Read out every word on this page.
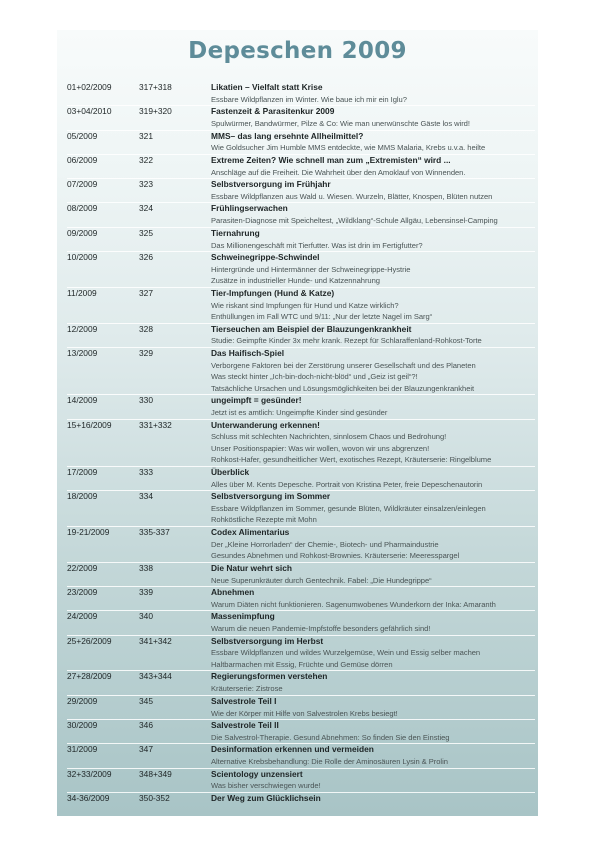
Depeschen 2009
01+02/2009	317+318	Likatien – Vielfalt statt Krise
Essbare Wildpflanzen im Winter. Wie baue ich mir ein Iglu?
03+04/2010	319+320	Fastenzeit & Parasitenkur 2009
Spulwürmer, Bandwürmer, Pilze & Co: Wie man unerwünschte Gäste los wird!
05/2009	321	MMS– das lang ersehnte Allheilmittel?
Wie Goldsucher Jim Humble MMS entdeckte, wie MMS Malaria, Krebs u.v.a. heilte
06/2009	322	Extreme Zeiten? Wie schnell man zum „Extremisten“ wird ...
Anschläge auf die Freiheit. Die Wahrheit über den Amoklauf von Winnenden.
07/2009	323	Selbstversorgung im Frühjahr
Essbare Wildpflanzen aus Wald u. Wiesen. Wurzeln, Blätter, Knospen, Blüten nutzen
08/2009	324	Frühlingserwachen
Parasiten-Diagnose mit Speicheltest, „Wildklang“-Schule Allgäu, Lebensinsel-Camping
09/2009	325	Tiernahrung
Das Millionengeschäft mit Tierfutter. Was ist drin im Fertigfutter?
10/2009	326	Schweinegrippe-Schwindel
Hintergründe und Hintermänner der Schweinegrippe-Hystrie
Zusätze in industrieller Hunde- und Katzennahrung
11/2009	327	Tier-Impfungen (Hund & Katze)
Wie riskant sind Impfungen für Hund und Katze wirklich?
Enthüllungen im Fall WTC und 9/11: „Nur der letzte Nagel im Sarg“
12/2009	328	Tierseuchen am Beispiel der Blauzungenkrankheit
Studie: Geimpfte Kinder 3x mehr krank. Rezept für Schlaraffenland-Rohkost-Torte
13/2009	329	Das Haifisch-Spiel
Verborgene Faktoren bei der Zerstörung unserer Gesellschaft und des Planeten
Was steckt hinter „Ich-bin-doch-nicht-blöd“ und „Geiz ist geil“?!
Tatsächliche Ursachen und Lösungsmöglichkeiten bei der Blauzungenkrankheit
14/2009	330	ungeimpft = gesünder!
Jetzt ist es amtlich: Ungeimpfte Kinder sind gesünder
15+16/2009	331+332	Unterwanderung erkennen!
Schluss mit schlechten Nachrichten, sinnlosem Chaos und Bedrohung!
Unser Positionspapier: Was wir wollen, wovon wir uns abgrenzen!
Rohkost-Hafer, gesundheitlicher Wert, exotisches Rezept, Kräuterserie: Ringelblume
17/2009	333	Überblick
Alles über M. Kents Depesche. Portrait von Kristina Peter, freie Depeschenautorin
18/2009	334	Selbstversorgung im Sommer
Essbare Wildpflanzen im Sommer, gesunde Blüten, Wildkräuter einsalzen/einlegen
Rohköstliche Rezepte mit Mohn
19-21/2009	335-337	Codex Alimentarius
Der „Kleine Horrorladen“ der Chemie-, Biotech- und Pharmaindustrie
Gesundes Abnehmen und Rohkost-Brownies. Kräuterserie: Meeresspargel
22/2009	338	Die Natur wehrt sich
Neue Superunkräuter durch Gentechnik. Fabel: „Die Hundegrippe“
23/2009	339	Abnehmen
Warum Diäten nicht funktionieren. Sagenumwobenes Wunderkorn der Inka: Amaranth
24/2009	340	Massenimpfung
Warum die neuen Pandemie-Impfstoffe besonders gefährlich sind!
25+26/2009	341+342	Selbstversorgung im Herbst
Essbare Wildpflanzen und wildes Wurzelgemüse, Wein und Essig selber machen
Haltbarmachen mit Essig, Früchte und Gemüse dörren
27+28/2009	343+344	Regierungsformen verstehen
Kräuterserie: Zistrose
29/2009	345	Salvestrole Teil I
Wie der Körper mit Hilfe von Salvestrolen Krebs besiegt!
30/2009	346	Salvestrole Teil II
Die Salvestrol-Therapie. Gesund Abnehmen: So finden Sie den Einstieg
31/2009	347	Desinformation erkennen und vermeiden
Alternative Krebsbehandlung: Die Rolle der Aminosäuren Lysin & Prolin
32+33/2009	348+349	Scientology unzensiert
Was bisher verschwiegen wurde!
34-36/2009	350-352	Der Weg zum Glücklichsein
